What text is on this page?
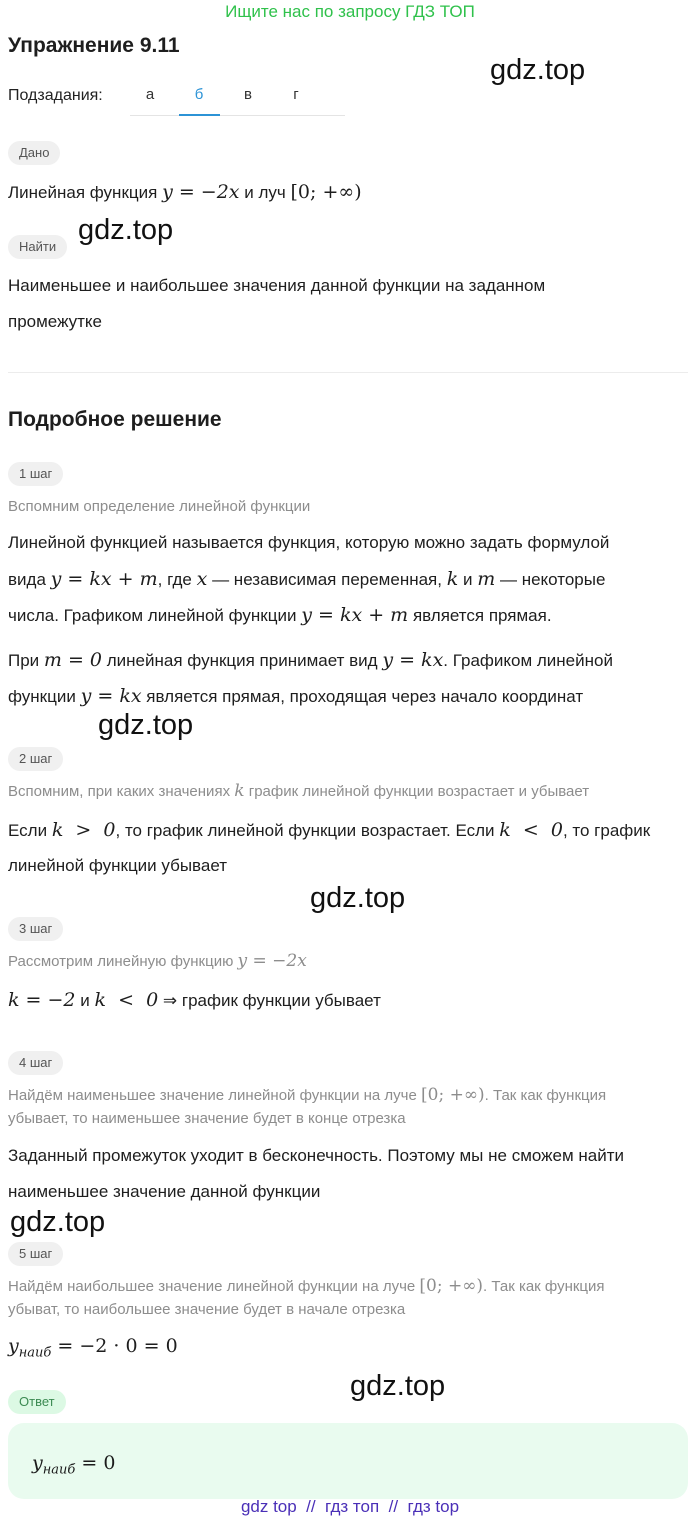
Ищите нас по запросу ГДЗ ТОП
Упражнение 9.11
gdz.top
Подзадания:	а	б	в	г
Дано
Линейная функция y = −2x и луч [0; +∞)
gdz.top
Найти
Наименьшее и наибольшее значения данной функции на заданном
промежутке
Подробное решение
1 шаг
Вспомним определение линейной функции
Линейной функцией называется функция, которую можно задать формулой
вида y = kx + m, где x — независимая переменная, k и m — некоторые
числа. Графиком линейной функции y = kx + m является прямая.
При m = 0 линейная функция принимает вид y = kx. Графиком линейной
функции y = kx является прямая, проходящая через начало координат
gdz.top
2 шаг
Вспомним, при каких значениях k график линейной функции возрастает и убывает
Если k  >  0, то график линейной функции возрастает. Если k  <  0, то график
линейной функции убывает
gdz.top
3 шаг
Рассмотрим линейную функцию y = −2x
k = −2 и k  <  0 ⇒ график функции убывает
4 шаг
Найдём наименьшее значение линейной функции на луче [0; +∞). Так как функция
убывает, то наименьшее значение будет в конце отрезка
Заданный промежуток уходит в бесконечность. Поэтому мы не сможем найти
наименьшее значение данной функции
gdz.top
5 шаг
Найдём наибольшее значение линейной функции на луче [0; +∞). Так как функция
убыват, то наибольшее значение будет в начале отрезка
$y_{наиб} = -2 \cdot 0 = 0$
gdz.top
Ответ
$y_{наиб} = 0$
gdz top  //  гдз топ  //  гдз top
